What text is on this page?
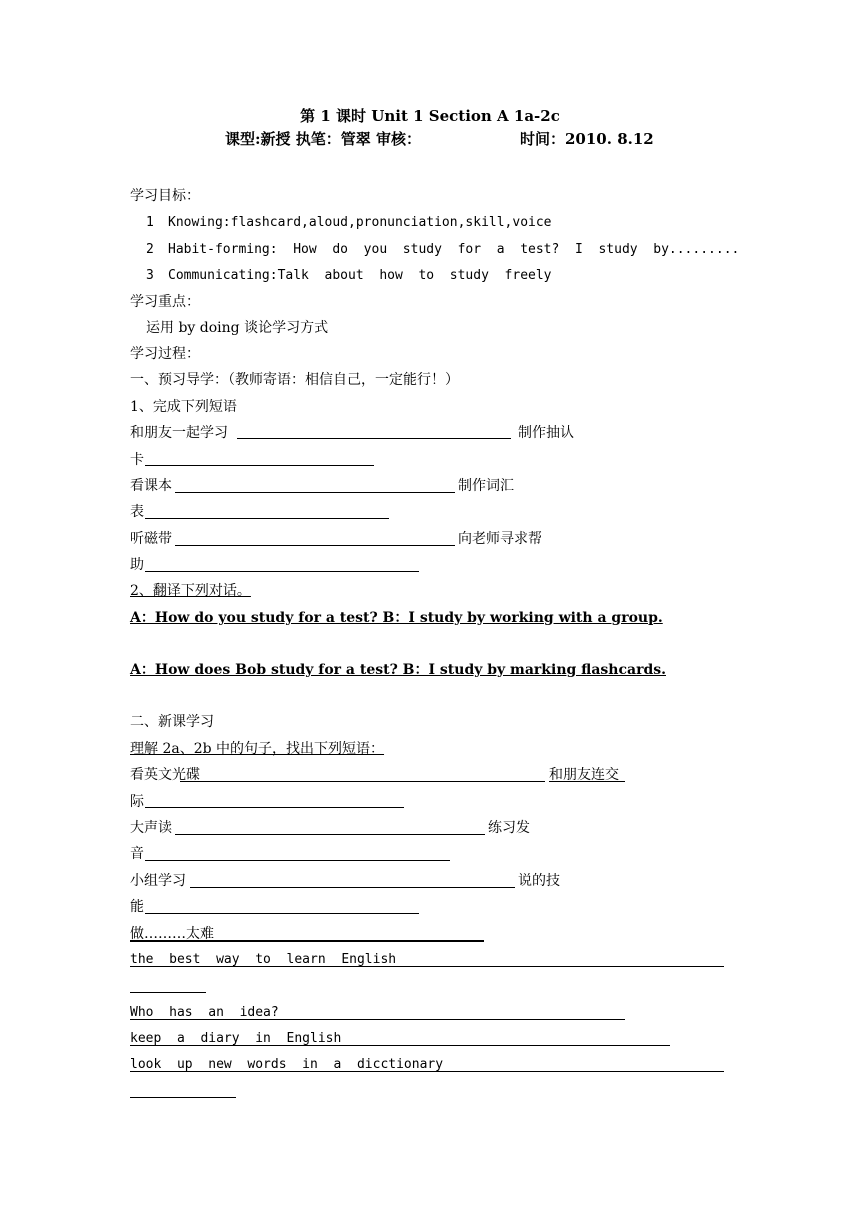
第 1 课时 Unit 1 Section A 1a-2c
课型:新授 执笔：管翠 审核：	时间：2010. 8.12
学习目标：
1 Knowing:flashcard,aloud,pronunciation,skill,voice
2 Habit-forming:  How  do  you  study  for  a  test?  I  study  by.........
3 Communicating:Talk  about  how  to  study  freely
学习重点：
运用 by doing 谈论学习方式
学习过程：
一、预习导学：（教师寄语：相信自己，一定能行！）
1、完成下列短语
和朋友一起学习	制作抽认
卡
看课本	制作词汇
表
听磁带	向老师寻求帮
助
2、翻译下列对话。
A：How do you study for a test? B：I study by working with a group.
A：How does Bob study for a test? B：I study by marking flashcards.
二、新课学习
理解 2a、2b 中的句子，找出下列短语：
看英文光碟	和朋友连交
际
大声读	练习发
音
小组学习	说的技
能
做………太难
the  best  way  to  learn  English
Who  has  an  idea?
keep  a  diary  in  English
look  up  new  words  in  a  dicctionary
